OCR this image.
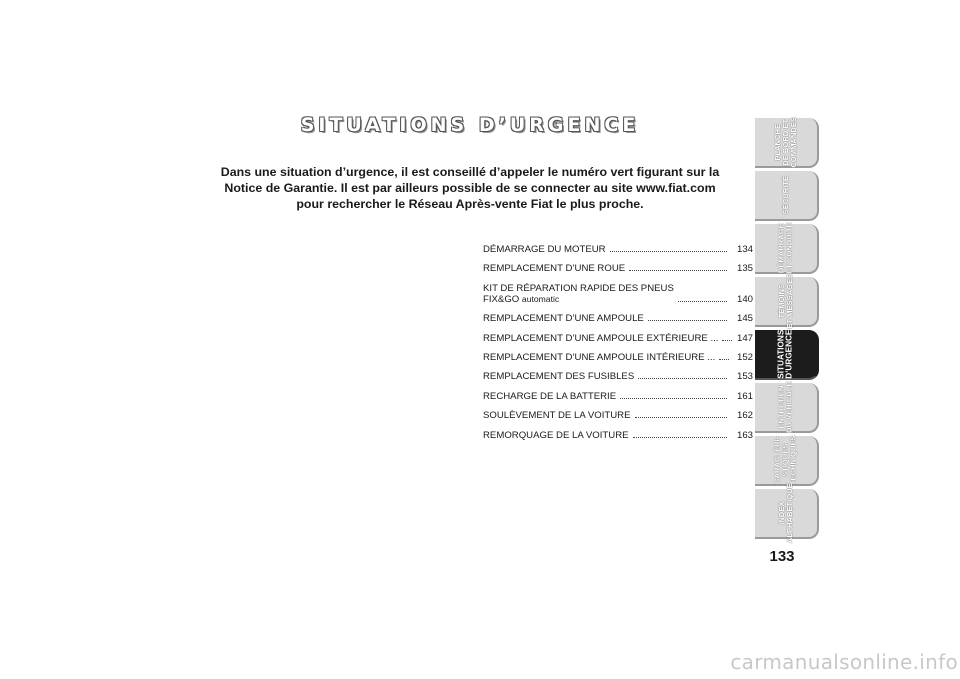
SITUATIONS D’URGENCE
Dans une situation d’urgence, il est conseillé d’appeler le numéro vert figurant sur la
Notice de Garantie. Il est par ailleurs possible de se connecter au site www.fiat.com
pour rechercher le Réseau Après-vente Fiat le plus proche.
DÉMARRAGE DU MOTEUR	134
REMPLACEMENT D’UNE ROUE	135
KIT DE RÉPARATION RAPIDE DES PNEUS
FIX&GO automatic	140
REMPLACEMENT D’UNE AMPOULE	145
REMPLACEMENT D’UNE AMPOULE EXTÉRIEURE ... 147
REMPLACEMENT D’UNE AMPOULE INTÉRIEURE ...	152
REMPLACEMENT DES FUSIBLES	153
RECHARGE DE LA BATTERIE	161
SOULÈVEMENT DE LA VOITURE	162
REMORQUAGE DE LA VOITURE	163
PLANCHE
DE BORD ET
COMMANDES
SÉCURITÉ
DÉMARRAGE
ET CONDUITE
TÉMOINS
ET MESSAGES
SITUATIONS
D’URGENCE
ENTRETIEN
DU VÉHICULE
CARACTÉRI-
STIQUES
TECHNIQUES
INDEX
ALPHABÉTIQUE
133
carmanualsonline.info
